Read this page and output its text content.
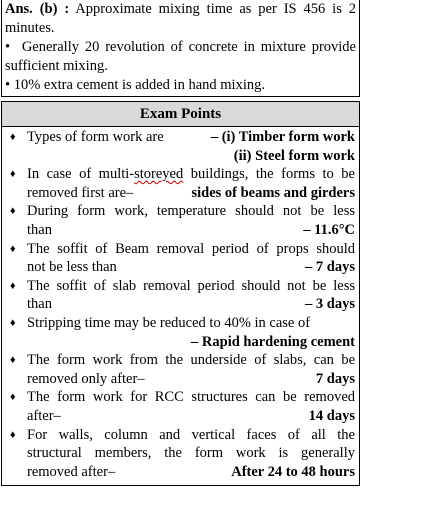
Ans. (b) : Approximate mixing time as per IS 456 is 2 minutes.

•  Generally 20 revolution of concrete in mixture provide sufficient mixing.

• 10% extra cement is added in hand mixing.

Exam Points
♦ Types of form work are	– (i) Timber form work
(ii) Steel form work
♦ In case of multi-storeyed buildings, the forms to be
removed first are–	sides of beams and girders
♦ During form work, temperature should not be less
than	– 11.6°C
♦ The soffit of Beam removal period of props should
not be less than	– 7 days
♦ The soffit of slab removal period should not be less
than	– 3 days
♦ Stripping time may be reduced to 40% in case of
– Rapid hardening cement
♦ The form work from the underside of slabs, can be
removed only after–	7 days
♦ The form work for RCC structures can be removed
after–	14 days
♦ For walls, column and vertical faces of all the
structural members, the form work is generally
removed after–	After 24 to 48 hours
